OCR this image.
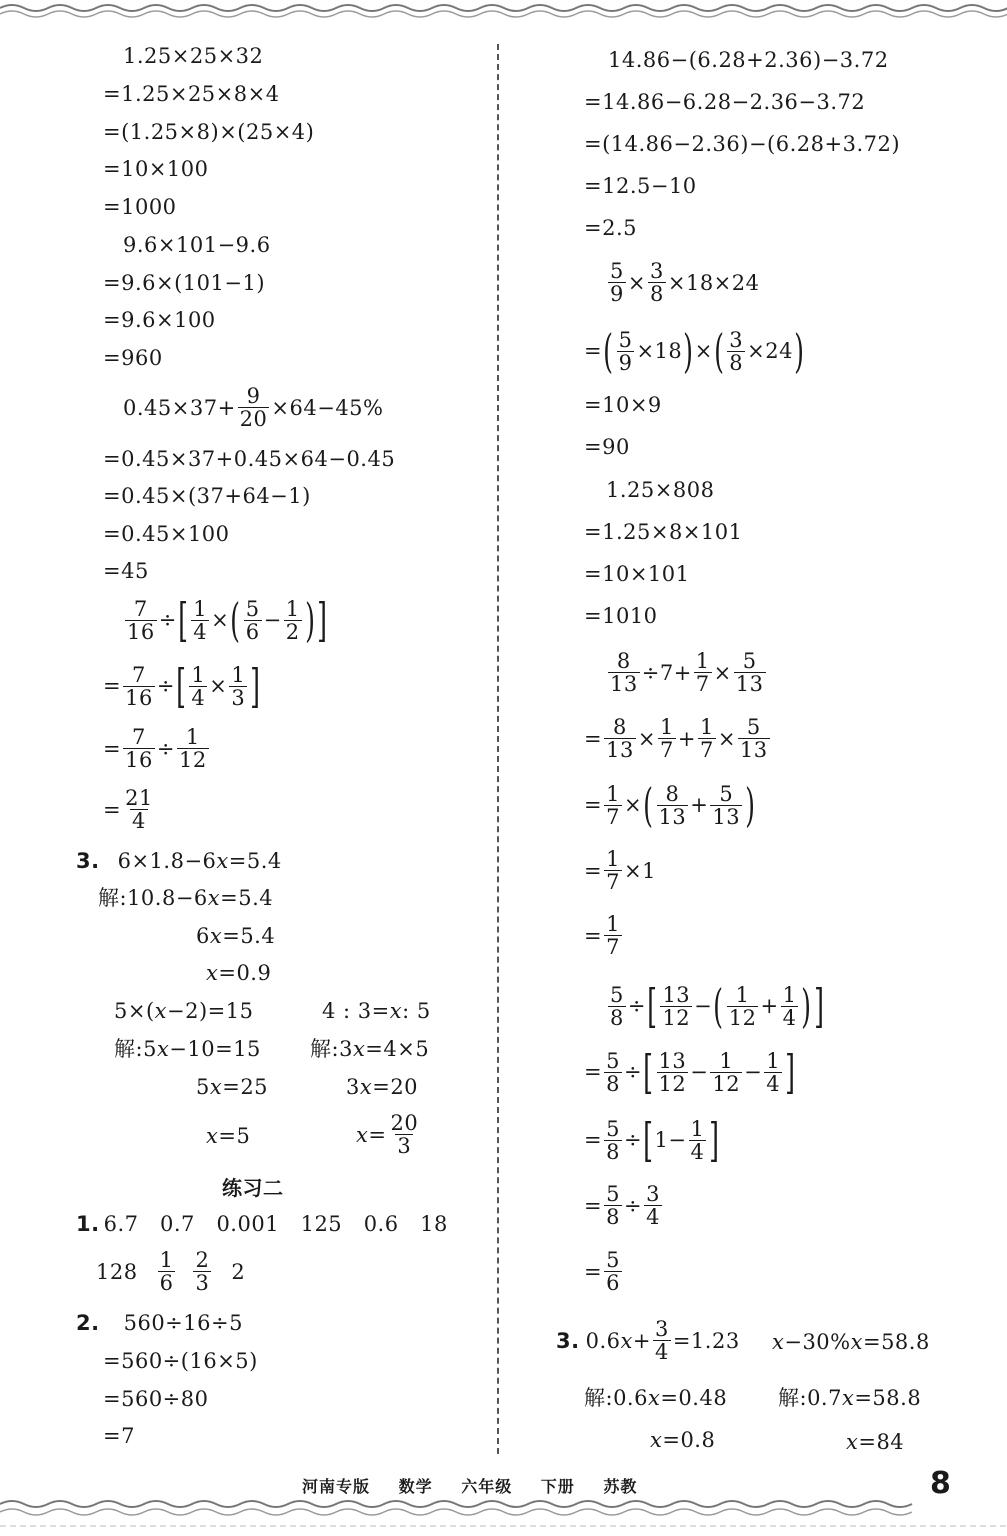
1.25×25×32
=1.25×25×8×4
=(1.25×8)×(25×4)
=10×100
=1000
9.6×101−9.6
=9.6×(101−1)
=9.6×100
=960
$0.45\times 37+ \frac{9}{20} \times 64-45\%$
=0.45×37+0.45×64−0.45
=0.45×(37+64−1)
=0.45×100
=45
$\frac{7}{16}$ ÷ [ $\frac{1}{4}$ × ( $\frac{5}{6} - \frac{1}{2}$ ) ]
= $\frac{7}{16}$ ÷ [ $\frac{1}{4} \times \frac{1}{3}$ ]
= $\frac{7}{16} \div \frac{1}{12}$
= $\frac{21}{4}$
3. 6×1.8−6 x =5.4
解:10.8−6 x =5.4
6 x =5.4
x =0.9
5×( x −2)=15	4 : 3= x : 5
解:5 x −10=15 解:3 x =4×5
5 x =25	3 x =20
x =5	$x = \frac{20}{3}$
练习二
1. 6.7   0.7   0.001   125   0.6   18
$128 \frac{1}{6} \frac{2}{3} 2$
2. 560÷16÷5
=560÷(16×5)
=560÷80
=7
14.86−(6.28+2.36)−3.72
=14.86−6.28−2.36−3.72
=(14.86−2.36)−(6.28+3.72)
=12.5−10
=2.5
$\frac{5}{9} \times \frac{3}{8} \times 18\times 24$
= ( $\frac{5}{9} \times 18$ ) × ( $\frac{3}{8} \times 24$ )
=10×9
=90
1.25×808
=1.25×8×101
=10×101
=1010
$\frac{8}{13} \div 7+ \frac{1}{7} \times \frac{5}{13}$
= $\frac{8}{13} \times \frac{1}{7} + \frac{1}{7} \times \frac{5}{13}$
= $\frac{1}{7}$ × ( $\frac{8}{13} + \frac{5}{13}$ )
= $\frac{1}{7} \times 1$
= $\frac{1}{7}$
$\frac{5}{8}$ ÷ [ $\frac{13}{12}$ − ( $\frac{1}{12} + \frac{1}{4}$ ) ]
= $\frac{5}{8}$ ÷ [ $\frac{13}{12} - \frac{1}{12} - \frac{1}{4}$ ]
= $\frac{5}{8}$ ÷ [ $1- \frac{1}{4}$ ]
= $\frac{5}{8} \div \frac{3}{4}$
= $\frac{5}{6}$
3. 0.6 $x + \frac{3}{4} =1.23$ x −30% x =58.8
解:0.6 x =0.48 解:0.7 x =58.8
x =0.8	x =84
河南专版 数学 六年级 下册 苏教	8
